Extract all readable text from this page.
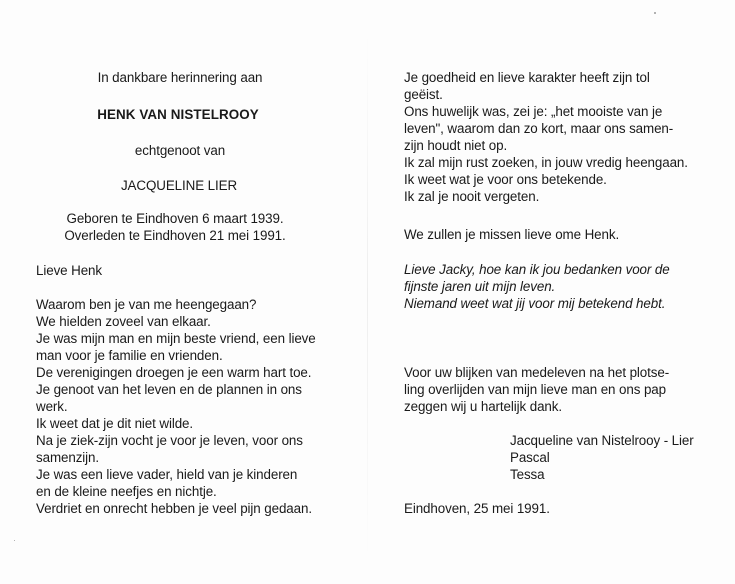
In dankbare herinnering aan
HENK VAN NISTELROOY
echtgenoot van
JACQUELINE LIER
Geboren te Eindhoven 6 maart 1939.
Overleden te Eindhoven 21 mei 1991.
Lieve Henk
Waarom ben je van me heengegaan?
We hielden zoveel van elkaar.
Je was mijn man en mijn beste vriend, een lieve
man voor je familie en vrienden.
De verenigingen droegen je een warm hart toe.
Je genoot van het leven en de plannen in ons
werk.
Ik weet dat je dit niet wilde.
Na je ziek-zijn vocht je voor je leven, voor ons
samenzijn.
Je was een lieve vader, hield van je kinderen
en de kleine neefjes en nichtje.
Verdriet en onrecht hebben je veel pijn gedaan.
Je goedheid en lieve karakter heeft zijn tol
geëist.
Ons huwelijk was, zei je: „het mooiste van je
leven", waarom dan zo kort, maar ons samen-
zijn houdt niet op.
Ik zal mijn rust zoeken, in jouw vredig heengaan.
Ik weet wat je voor ons betekende.
Ik zal je nooit vergeten.
We zullen je missen lieve ome Henk.
Lieve Jacky, hoe kan ik jou bedanken voor de
fijnste jaren uit mijn leven.
Niemand weet wat jij voor mij betekend hebt.
Voor uw blijken van medeleven na het plotse-
ling overlijden van mijn lieve man en ons pap
zeggen wij u hartelijk dank.
Jacqueline van Nistelrooy - Lier
Pascal
Tessa
Eindhoven, 25 mei 1991.
